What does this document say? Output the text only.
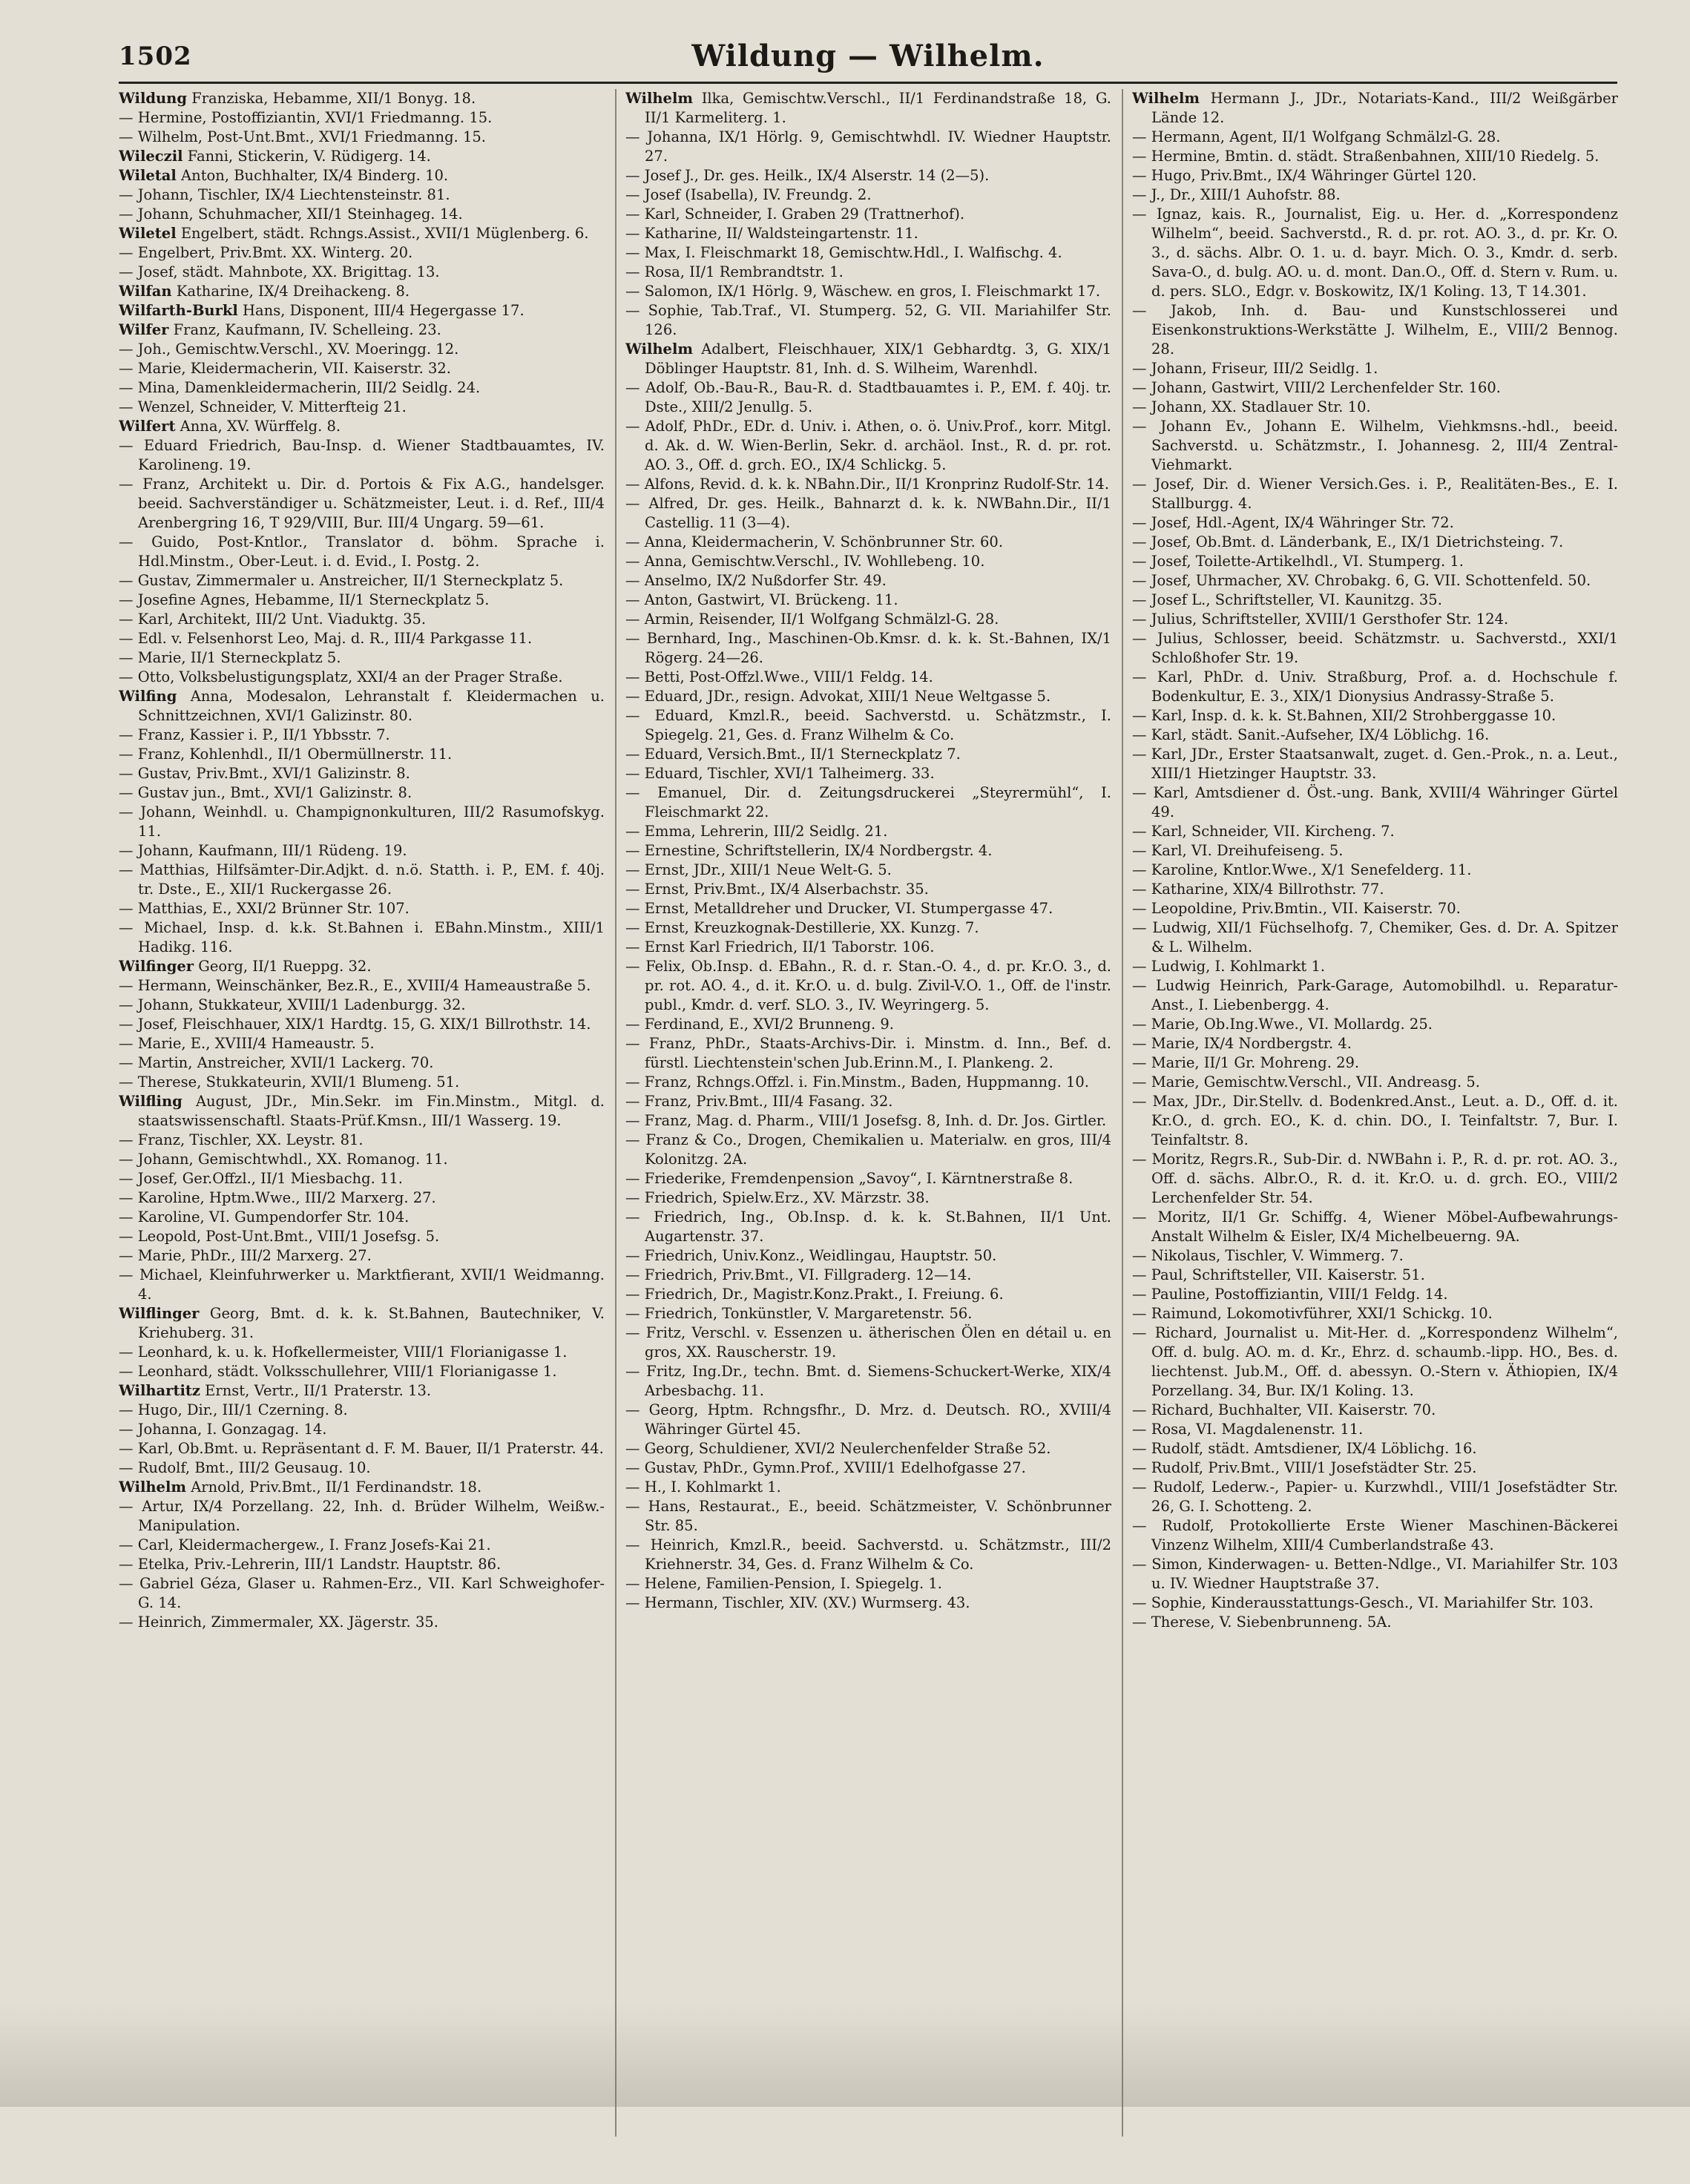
1502	Wildung — Wilhelm.

Wildung Franziska, Hebamme, XII/1 Bonyg. 18.

— Hermine, Postoffiziantin, XVI/1 Friedmanng. 15.

— Wilhelm, Post-Unt.Bmt., XVI/1 Friedmanng. 15.

Wileczil Fanni, Stickerin, V. Rüdigerg. 14.

Wiletal Anton, Buchhalter, IX/4 Binderg. 10.

— Johann, Tischler, IX/4 Liechtensteinstr. 81.

— Johann, Schuhmacher, XII/1 Steinhageg. 14.

Wiletel Engelbert, städt. Rchngs.Assist., XVII/1 Müglenberg. 6.

— Engelbert, Priv.Bmt. XX. Winterg. 20.

— Josef, städt. Mahnbote, XX. Brigittag. 13.

Wilfan Katharine, IX/4 Dreihackeng. 8.

Wilfarth-Burkl Hans, Disponent, III/4 Hegergasse 17.

Wilfer Franz, Kaufmann, IV. Schelleing. 23.

— Joh., Gemischtw.Verschl., XV. Moeringg. 12.

— Marie, Kleidermacherin, VII. Kaiserstr. 32.

— Mina, Damenkleidermacherin, III/2 Seidlg. 24.

— Wenzel, Schneider, V. Mitterfteig 21.

Wilfert Anna, XV. Würffelg. 8.

— Eduard Friedrich, Bau-Insp. d. Wiener Stadtbauamtes, IV. Karolineng. 19.

— Franz, Architekt u. Dir. d. Portois & Fix A.G., handelsger. beeid. Sachverständiger u. Schätzmeister, Leut. i. d. Ref., III/4 Arenbergring 16, T 929/VIII, Bur. III/4 Ungarg. 59—61.

— Guido, Post-Kntlor., Translator d. böhm. Sprache i. Hdl.Minstm., Ober-Leut. i. d. Evid., I. Postg. 2.

— Gustav, Zimmermaler u. Anstreicher, II/1 Sterneckplatz 5.

— Josefine Agnes, Hebamme, II/1 Sterneckplatz 5.

— Karl, Architekt, III/2 Unt. Viaduktg. 35.

— Edl. v. Felsenhorst Leo, Maj. d. R., III/4 Parkgasse 11.

— Marie, II/1 Sterneckplatz 5.

— Otto, Volksbelustigungsplatz, XXI/4 an der Prager Straße.

Wilfing Anna, Modesalon, Lehranstalt f. Kleidermachen u. Schnittzeichnen, XVI/1 Galizinstr. 80.

— Franz, Kassier i. P., II/1 Ybbsstr. 7.

— Franz, Kohlenhdl., II/1 Obermüllnerstr. 11.

— Gustav, Priv.Bmt., XVI/1 Galizinstr. 8.

— Gustav jun., Bmt., XVI/1 Galizinstr. 8.

— Johann, Weinhdl. u. Champignonkulturen, III/2 Rasumofskyg. 11.

— Johann, Kaufmann, III/1 Rüdeng. 19.

— Matthias, Hilfsämter-Dir.Adjkt. d. n.ö. Statth. i. P., EM. f. 40j. tr. Dste., E., XII/1 Ruckergasse 26.

— Matthias, E., XXI/2 Brünner Str. 107.

— Michael, Insp. d. k.k. St.Bahnen i. EBahn.Minstm., XIII/1 Hadikg. 116.

Wilfinger Georg, II/1 Rueppg. 32.

— Hermann, Weinschänker, Bez.R., E., XVIII/4 Hameaustraße 5.

— Johann, Stukkateur, XVIII/1 Ladenburgg. 32.

— Josef, Fleischhauer, XIX/1 Hardtg. 15, G. XIX/1 Billrothstr. 14.

— Marie, E., XVIII/4 Hameaustr. 5.

— Martin, Anstreicher, XVII/1 Lackerg. 70.

— Therese, Stukkateurin, XVII/1 Blumeng. 51.

Wilfling August, JDr., Min.Sekr. im Fin.Minstm., Mitgl. d. staatswissenschaftl. Staats-Prüf.Kmsn., III/1 Wasserg. 19.

— Franz, Tischler, XX. Leystr. 81.

— Johann, Gemischtwhdl., XX. Romanog. 11.

— Josef, Ger.Offzl., II/1 Miesbachg. 11.

— Karoline, Hptm.Wwe., III/2 Marxerg. 27.

— Karoline, VI. Gumpendorfer Str. 104.

— Leopold, Post-Unt.Bmt., VIII/1 Josefsg. 5.

— Marie, PhDr., III/2 Marxerg. 27.

— Michael, Kleinfuhrwerker u. Marktfierant, XVII/1 Weidmanng. 4.

Wilflinger Georg, Bmt. d. k. k. St.Bahnen, Bautechniker, V. Kriehuberg. 31.

— Leonhard, k. u. k. Hofkellermeister, VIII/1 Florianigasse 1.

— Leonhard, städt. Volksschullehrer, VIII/1 Florianigasse 1.

Wilhartitz Ernst, Vertr., II/1 Praterstr. 13.

— Hugo, Dir., III/1 Czerning. 8.

— Johanna, I. Gonzagag. 14.

— Karl, Ob.Bmt. u. Repräsentant d. F. M. Bauer, II/1 Praterstr. 44.

— Rudolf, Bmt., III/2 Geusaug. 10.

Wilhelm Arnold, Priv.Bmt., II/1 Ferdinandstr. 18.

— Artur, IX/4 Porzellang. 22, Inh. d. Brüder Wilhelm, Weißw.-Manipulation.

— Carl, Kleidermachergew., I. Franz Josefs-Kai 21.

— Etelka, Priv.-Lehrerin, III/1 Landstr. Hauptstr. 86.

— Gabriel Géza, Glaser u. Rahmen-Erz., VII. Karl Schweighofer-G. 14.

— Heinrich, Zimmermaler, XX. Jägerstr. 35.

Wilhelm Ilka, Gemischtw.Verschl., II/1 Ferdinandstraße 18, G. II/1 Karmeliterg. 1.

— Johanna, IX/1 Hörlg. 9, Gemischtwhdl. IV. Wiedner Hauptstr. 27.

— Josef J., Dr. ges. Heilk., IX/4 Alserstr. 14 (2—5).

— Josef (Isabella), IV. Freundg. 2.

— Karl, Schneider, I. Graben 29 (Trattnerhof).

— Katharine, II/ Waldsteingartenstr. 11.

— Max, I. Fleischmarkt 18, Gemischtw.Hdl., I. Walfischg. 4.

— Rosa, II/1 Rembrandtstr. 1.

— Salomon, IX/1 Hörlg. 9, Wäschew. en gros, I. Fleischmarkt 17.

— Sophie, Tab.Traf., VI. Stumperg. 52, G. VII. Mariahilfer Str. 126.

Wilhelm Adalbert, Fleischhauer, XIX/1 Gebhardtg. 3, G. XIX/1 Döblinger Hauptstr. 81, Inh. d. S. Wilheim, Warenhdl.

— Adolf, Ob.-Bau-R., Bau-R. d. Stadtbauamtes i. P., EM. f. 40j. tr. Dste., XIII/2 Jenullg. 5.

— Adolf, PhDr., EDr. d. Univ. i. Athen, o. ö. Univ.Prof., korr. Mitgl. d. Ak. d. W. Wien-Berlin, Sekr. d. archäol. Inst., R. d. pr. rot. AO. 3., Off. d. grch. EO., IX/4 Schlickg. 5.

— Alfons, Revid. d. k. k. NBahn.Dir., II/1 Kronprinz Rudolf-Str. 14.

— Alfred, Dr. ges. Heilk., Bahnarzt d. k. k. NWBahn.Dir., II/1 Castellig. 11 (3—4).

— Anna, Kleidermacherin, V. Schönbrunner Str. 60.

— Anna, Gemischtw.Verschl., IV. Wohllebeng. 10.

— Anselmo, IX/2 Nußdorfer Str. 49.

— Anton, Gastwirt, VI. Brückeng. 11.

— Armin, Reisender, II/1 Wolfgang Schmälzl-G. 28.

— Bernhard, Ing., Maschinen-Ob.Kmsr. d. k. k. St.-Bahnen, IX/1 Rögerg. 24—26.

— Betti, Post-Offzl.Wwe., VIII/1 Feldg. 14.

— Eduard, JDr., resign. Advokat, XIII/1 Neue Weltgasse 5.

— Eduard, Kmzl.R., beeid. Sachverstd. u. Schätzmstr., I. Spiegelg. 21, Ges. d. Franz Wilhelm & Co.

— Eduard, Versich.Bmt., II/1 Sterneckplatz 7.

— Eduard, Tischler, XVI/1 Talheimerg. 33.

— Emanuel, Dir. d. Zeitungsdruckerei „Steyrermühl“, I. Fleischmarkt 22.

— Emma, Lehrerin, III/2 Seidlg. 21.

— Ernestine, Schriftstellerin, IX/4 Nordbergstr. 4.

— Ernst, JDr., XIII/1 Neue Welt-G. 5.

— Ernst, Priv.Bmt., IX/4 Alserbachstr. 35.

— Ernst, Metalldreher und Drucker, VI. Stumpergasse 47.

— Ernst, Kreuzkognak-Destillerie, XX. Kunzg. 7.

— Ernst Karl Friedrich, II/1 Taborstr. 106.

— Felix, Ob.Insp. d. EBahn., R. d. r. Stan.-O. 4., d. pr. Kr.O. 3., d. pr. rot. AO. 4., d. it. Kr.O. u. d. bulg. Zivil-V.O. 1., Off. de l'instr. publ., Kmdr. d. verf. SLO. 3., IV. Weyringerg. 5.

— Ferdinand, E., XVI/2 Brunneng. 9.

— Franz, PhDr., Staats-Archivs-Dir. i. Minstm. d. Inn., Bef. d. fürstl. Liechtenstein'schen Jub.Erinn.M., I. Plankeng. 2.

— Franz, Rchngs.Offzl. i. Fin.Minstm., Baden, Huppmanng. 10.

— Franz, Priv.Bmt., III/4 Fasang. 32.

— Franz, Mag. d. Pharm., VIII/1 Josefsg. 8, Inh. d. Dr. Jos. Girtler.

— Franz & Co., Drogen, Chemikalien u. Materialw. en gros, III/4 Kolonitzg. 2A.

— Friederike, Fremdenpension „Savoy“, I. Kärntnerstraße 8.

— Friedrich, Spielw.Erz., XV. Märzstr. 38.

— Friedrich, Ing., Ob.Insp. d. k. k. St.Bahnen, II/1 Unt. Augartenstr. 37.

— Friedrich, Univ.Konz., Weidlingau, Hauptstr. 50.

— Friedrich, Priv.Bmt., VI. Fillgraderg. 12—14.

— Friedrich, Dr., Magistr.Konz.Prakt., I. Freiung. 6.

— Friedrich, Tonkünstler, V. Margaretenstr. 56.

— Fritz, Verschl. v. Essenzen u. ätherischen Ölen en détail u. en gros, XX. Rauscherstr. 19.

— Fritz, Ing.Dr., techn. Bmt. d. Siemens-Schuckert-Werke, XIX/4 Arbesbachg. 11.

— Georg, Hptm. Rchngsfhr., D. Mrz. d. Deutsch. RO., XVIII/4 Währinger Gürtel 45.

— Georg, Schuldiener, XVI/2 Neulerchenfelder Straße 52.

— Gustav, PhDr., Gymn.Prof., XVIII/1 Edelhofgasse 27.

— H., I. Kohlmarkt 1.

— Hans, Restaurat., E., beeid. Schätzmeister, V. Schönbrunner Str. 85.

— Heinrich, Kmzl.R., beeid. Sachverstd. u. Schätzmstr., III/2 Kriehnerstr. 34, Ges. d. Franz Wilhelm & Co.

— Helene, Familien-Pension, I. Spiegelg. 1.

— Hermann, Tischler, XIV. (XV.) Wurmserg. 43.

Wilhelm Hermann J., JDr., Notariats-Kand., III/2 Weißgärber Lände 12.

— Hermann, Agent, II/1 Wolfgang Schmälzl-G. 28.

— Hermine, Bmtin. d. städt. Straßenbahnen, XIII/10 Riedelg. 5.

— Hugo, Priv.Bmt., IX/4 Währinger Gürtel 120.

— J., Dr., XIII/1 Auhofstr. 88.

— Ignaz, kais. R., Journalist, Eig. u. Her. d. „Korrespondenz Wilhelm“, beeid. Sachverstd., R. d. pr. rot. AO. 3., d. pr. Kr. O. 3., d. sächs. Albr. O. 1. u. d. bayr. Mich. O. 3., Kmdr. d. serb. Sava-O., d. bulg. AO. u. d. mont. Dan.O., Off. d. Stern v. Rum. u. d. pers. SLO., Edgr. v. Boskowitz, IX/1 Koling. 13, T 14.301.

— Jakob, Inh. d. Bau- und Kunstschlosserei und Eisenkonstruktions-Werkstätte J. Wilhelm, E., VIII/2 Bennog. 28.

— Johann, Friseur, III/2 Seidlg. 1.

— Johann, Gastwirt, VIII/2 Lerchenfelder Str. 160.

— Johann, XX. Stadlauer Str. 10.

— Johann Ev., Johann E. Wilhelm, Viehkmsns.-hdl., beeid. Sachverstd. u. Schätzmstr., I. Johannesg. 2, III/4 Zentral-Viehmarkt.

— Josef, Dir. d. Wiener Versich.Ges. i. P., Realitäten-Bes., E. I. Stallburgg. 4.

— Josef, Hdl.-Agent, IX/4 Währinger Str. 72.

— Josef, Ob.Bmt. d. Länderbank, E., IX/1 Dietrichsteing. 7.

— Josef, Toilette-Artikelhdl., VI. Stumperg. 1.

— Josef, Uhrmacher, XV. Chrobakg. 6, G. VII. Schottenfeld. 50.

— Josef L., Schriftsteller, VI. Kaunitzg. 35.

— Julius, Schriftsteller, XVIII/1 Gersthofer Str. 124.

— Julius, Schlosser, beeid. Schätzmstr. u. Sachverstd., XXI/1 Schloßhofer Str. 19.

— Karl, PhDr. d. Univ. Straßburg, Prof. a. d. Hochschule f. Bodenkultur, E. 3., XIX/1 Dionysius Andrassy-Straße 5.

— Karl, Insp. d. k. k. St.Bahnen, XII/2 Strohberggasse 10.

— Karl, städt. Sanit.-Aufseher, IX/4 Löblichg. 16.

— Karl, JDr., Erster Staatsanwalt, zuget. d. Gen.-Prok., n. a. Leut., XIII/1 Hietzinger Hauptstr. 33.

— Karl, Amtsdiener d. Öst.-ung. Bank, XVIII/4 Währinger Gürtel 49.

— Karl, Schneider, VII. Kircheng. 7.

— Karl, VI. Dreihufeiseng. 5.

— Karoline, Kntlor.Wwe., X/1 Senefelderg. 11.

— Katharine, XIX/4 Billrothstr. 77.

— Leopoldine, Priv.Bmtin., VII. Kaiserstr. 70.

— Ludwig, XII/1 Füchselhofg. 7, Chemiker, Ges. d. Dr. A. Spitzer & L. Wilhelm.

— Ludwig, I. Kohlmarkt 1.

— Ludwig Heinrich, Park-Garage, Automobilhdl. u. Reparatur-Anst., I. Liebenbergg. 4.

— Marie, Ob.Ing.Wwe., VI. Mollardg. 25.

— Marie, IX/4 Nordbergstr. 4.

— Marie, II/1 Gr. Mohreng. 29.

— Marie, Gemischtw.Verschl., VII. Andreasg. 5.

— Max, JDr., Dir.Stellv. d. Bodenkred.Anst., Leut. a. D., Off. d. it. Kr.O., d. grch. EO., K. d. chin. DO., I. Teinfaltstr. 7, Bur. I. Teinfaltstr. 8.

— Moritz, Regrs.R., Sub-Dir. d. NWBahn i. P., R. d. pr. rot. AO. 3., Off. d. sächs. Albr.O., R. d. it. Kr.O. u. d. grch. EO., VIII/2 Lerchenfelder Str. 54.

— Moritz, II/1 Gr. Schiffg. 4, Wiener Möbel-Aufbewahrungs-Anstalt Wilhelm & Eisler, IX/4 Michelbeuerng. 9A.

— Nikolaus, Tischler, V. Wimmerg. 7.

— Paul, Schriftsteller, VII. Kaiserstr. 51.

— Pauline, Postoffiziantin, VIII/1 Feldg. 14.

— Raimund, Lokomotivführer, XXI/1 Schickg. 10.

— Richard, Journalist u. Mit-Her. d. „Korrespondenz Wilhelm“, Off. d. bulg. AO. m. d. Kr., Ehrz. d. schaumb.-lipp. HO., Bes. d. liechtenst. Jub.M., Off. d. abessyn. O.-Stern v. Äthiopien, IX/4 Porzellang. 34, Bur. IX/1 Koling. 13.

— Richard, Buchhalter, VII. Kaiserstr. 70.

— Rosa, VI. Magdalenenstr. 11.

— Rudolf, städt. Amtsdiener, IX/4 Löblichg. 16.

— Rudolf, Priv.Bmt., VIII/1 Josefstädter Str. 25.

— Rudolf, Lederw.-, Papier- u. Kurzwhdl., VIII/1 Josefstädter Str. 26, G. I. Schotteng. 2.

— Rudolf, Protokollierte Erste Wiener Maschinen-Bäckerei Vinzenz Wilhelm, XIII/4 Cumberlandstraße 43.

— Simon, Kinderwagen- u. Betten-Ndlge., VI. Mariahilfer Str. 103 u. IV. Wiedner Hauptstraße 37.

— Sophie, Kinderausstattungs-Gesch., VI. Mariahilfer Str. 103.

— Therese, V. Siebenbrunneng. 5A.
